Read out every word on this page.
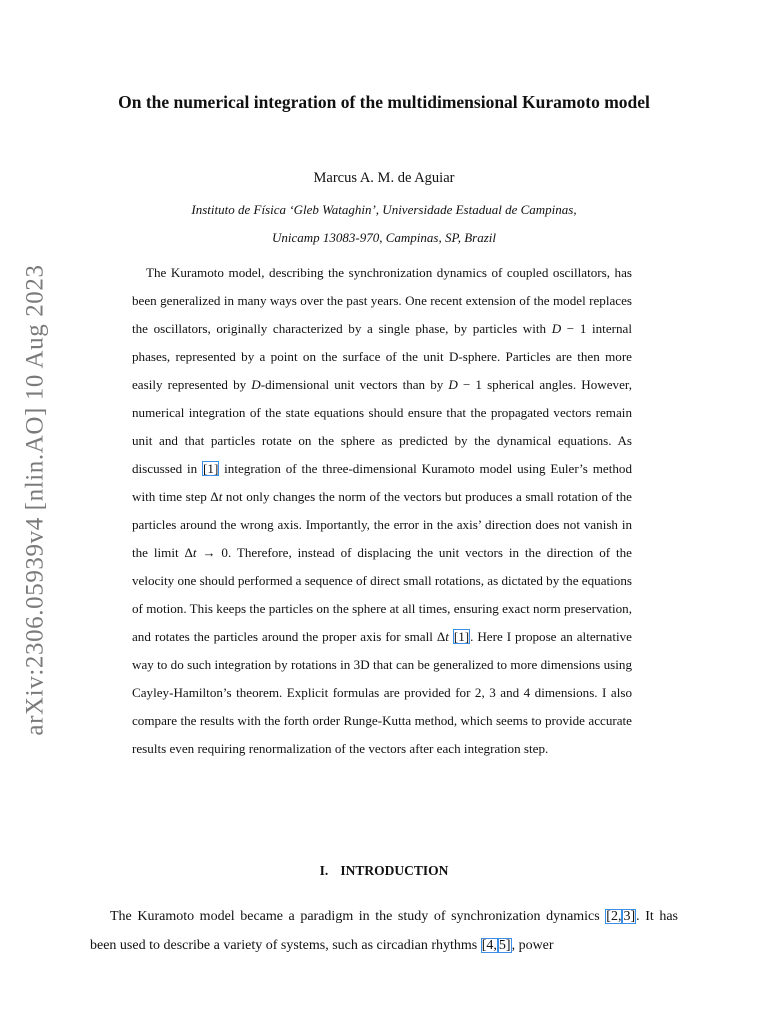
arXiv:2306.05939v4 [nlin.AO] 10 Aug 2023
On the numerical integration of the multidimensional Kuramoto model
Marcus A. M. de Aguiar
Instituto de Física ‘Gleb Wataghin’, Universidade Estadual de Campinas,
Unicamp 13083-970, Campinas, SP, Brazil

The Kuramoto model, describing the synchronization dynamics of coupled oscillators, has been generalized in many ways over the past years. One recent extension of the model replaces the oscillators, originally characterized by a single phase, by particles with D − 1 internal phases, represented by a point on the surface of the unit D-sphere. Particles are then more easily represented by D-dimensional unit vectors than by D − 1 spherical angles. However, numerical integration of the state equations should ensure that the propagated vectors remain unit and that particles rotate on the sphere as predicted by the dynamical equations. As discussed in [1] integration of the three-dimensional Kuramoto model using Euler’s method with time step Δt not only changes the norm of the vectors but produces a small rotation of the particles around the wrong axis. Importantly, the error in the axis’ direction does not vanish in the limit Δt → 0. Therefore, instead of displacing the unit vectors in the direction of the velocity one should performed a sequence of direct small rotations, as dictated by the equations of motion. This keeps the particles on the sphere at all times, ensuring exact norm preservation, and rotates the particles around the proper axis for small Δt [1]. Here I propose an alternative way to do such integration by rotations in 3D that can be generalized to more dimensions using Cayley-Hamilton’s theorem. Explicit formulas are provided for 2, 3 and 4 dimensions. I also compare the results with the forth order Runge-Kutta method, which seems to provide accurate results even requiring renormalization of the vectors after each integration step.

I. INTRODUCTION

The Kuramoto model became a paradigm in the study of synchronization dynamics [2, 3]. It has been used to describe a variety of systems, such as circadian rhythms [4, 5], power
